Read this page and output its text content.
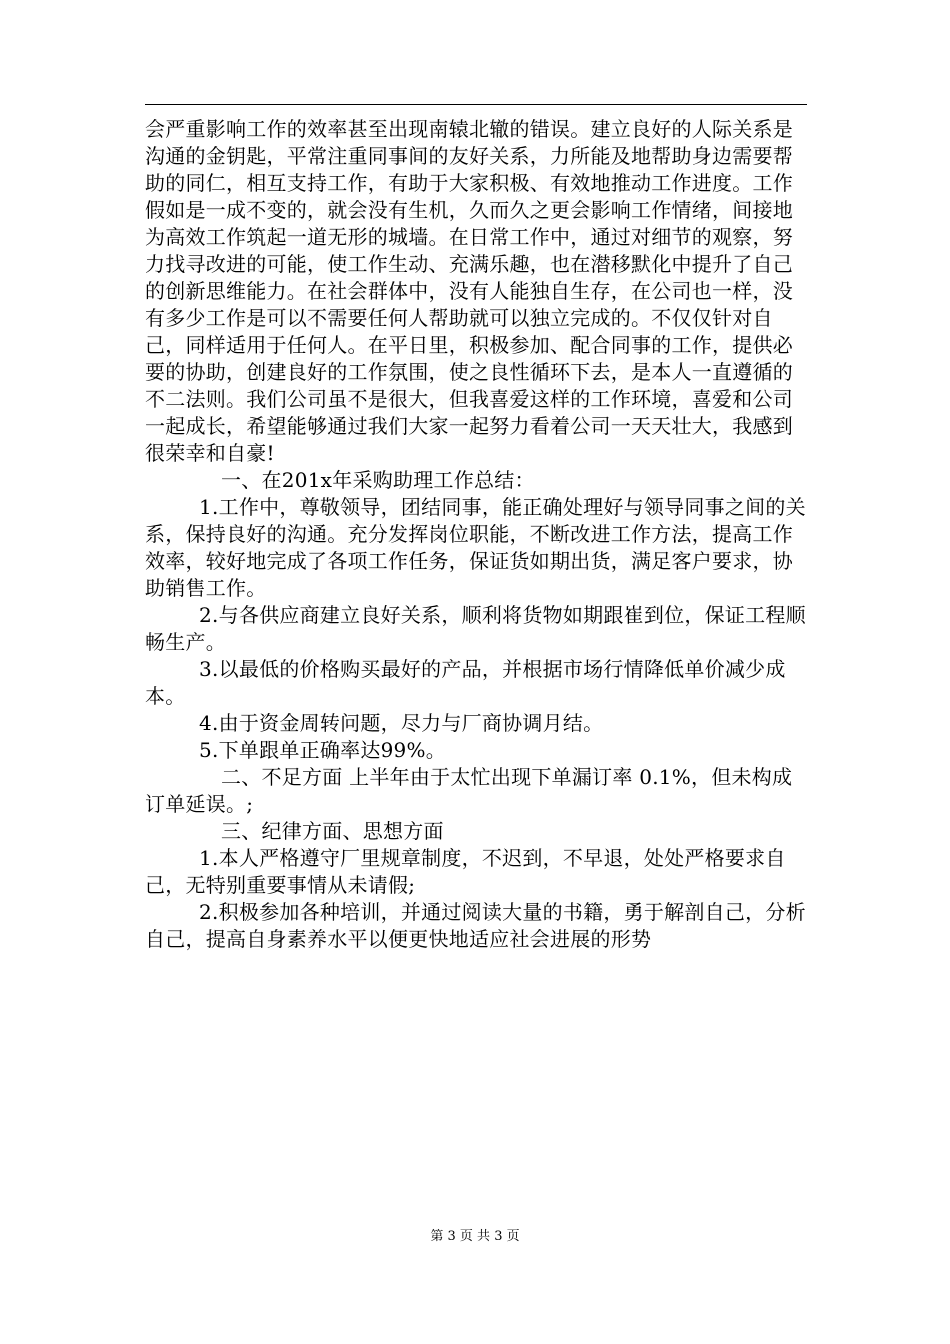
会严重影响工作的效率甚至出现南辕北辙的错误。建立良好的人际关系是沟通的金钥匙，平常注重同事间的友好关系，力所能及地帮助身边需要帮助的同仁，相互支持工作，有助于大家积极、有效地推动工作进度。工作假如是一成不变的，就会没有生机，久而久之更会影响工作情绪，间接地为高效工作筑起一道无形的城墙。在日常工作中，通过对细节的观察，努力找寻改进的可能，使工作生动、充满乐趣，也在潜移默化中提升了自己的创新思维能力。在社会群体中，没有人能独自生存，在公司也一样，没有多少工作是可以不需要任何人帮助就可以独立完成的。不仅仅针对自己，同样适用于任何人。在平日里，积极参加、配合同事的工作，提供必要的协助，创建良好的工作氛围，使之良性循环下去，是本人一直遵循的不二法则。我们公司虽不是很大，但我喜爱这样的工作环境，喜爱和公司一起成长，希望能够通过我们大家一起努力看着公司一天天壮大，我感到很荣幸和自豪!

一、在201x年采购助理工作总结：

1.工作中，尊敬领导，团结同事，能正确处理好与领导同事之间的关系，保持良好的沟通。充分发挥岗位职能，不断改进工作方法，提高工作效率，较好地完成了各项工作任务，保证货如期出货，满足客户要求，协助销售工作。

2.与各供应商建立良好关系，顺利将货物如期跟崔到位，保证工程顺畅生产。

3.以最低的价格购买最好的产品，并根据市场行情降低单价减少成本。

4.由于资金周转问题，尽力与厂商协调月结。

5.下单跟单正确率达99%。

二、不足方面 上半年由于太忙出现下单漏订率 0.1%，但未构成订单延误。;

三、纪律方面、思想方面

1.本人严格遵守厂里规章制度，不迟到，不早退，处处严格要求自己，无特别重要事情从未请假;

2.积极参加各种培训，并通过阅读大量的书籍，勇于解剖自己，分析自己，提高自身素养水平以便更快地适应社会进展的形势

第 3 页 共 3 页
